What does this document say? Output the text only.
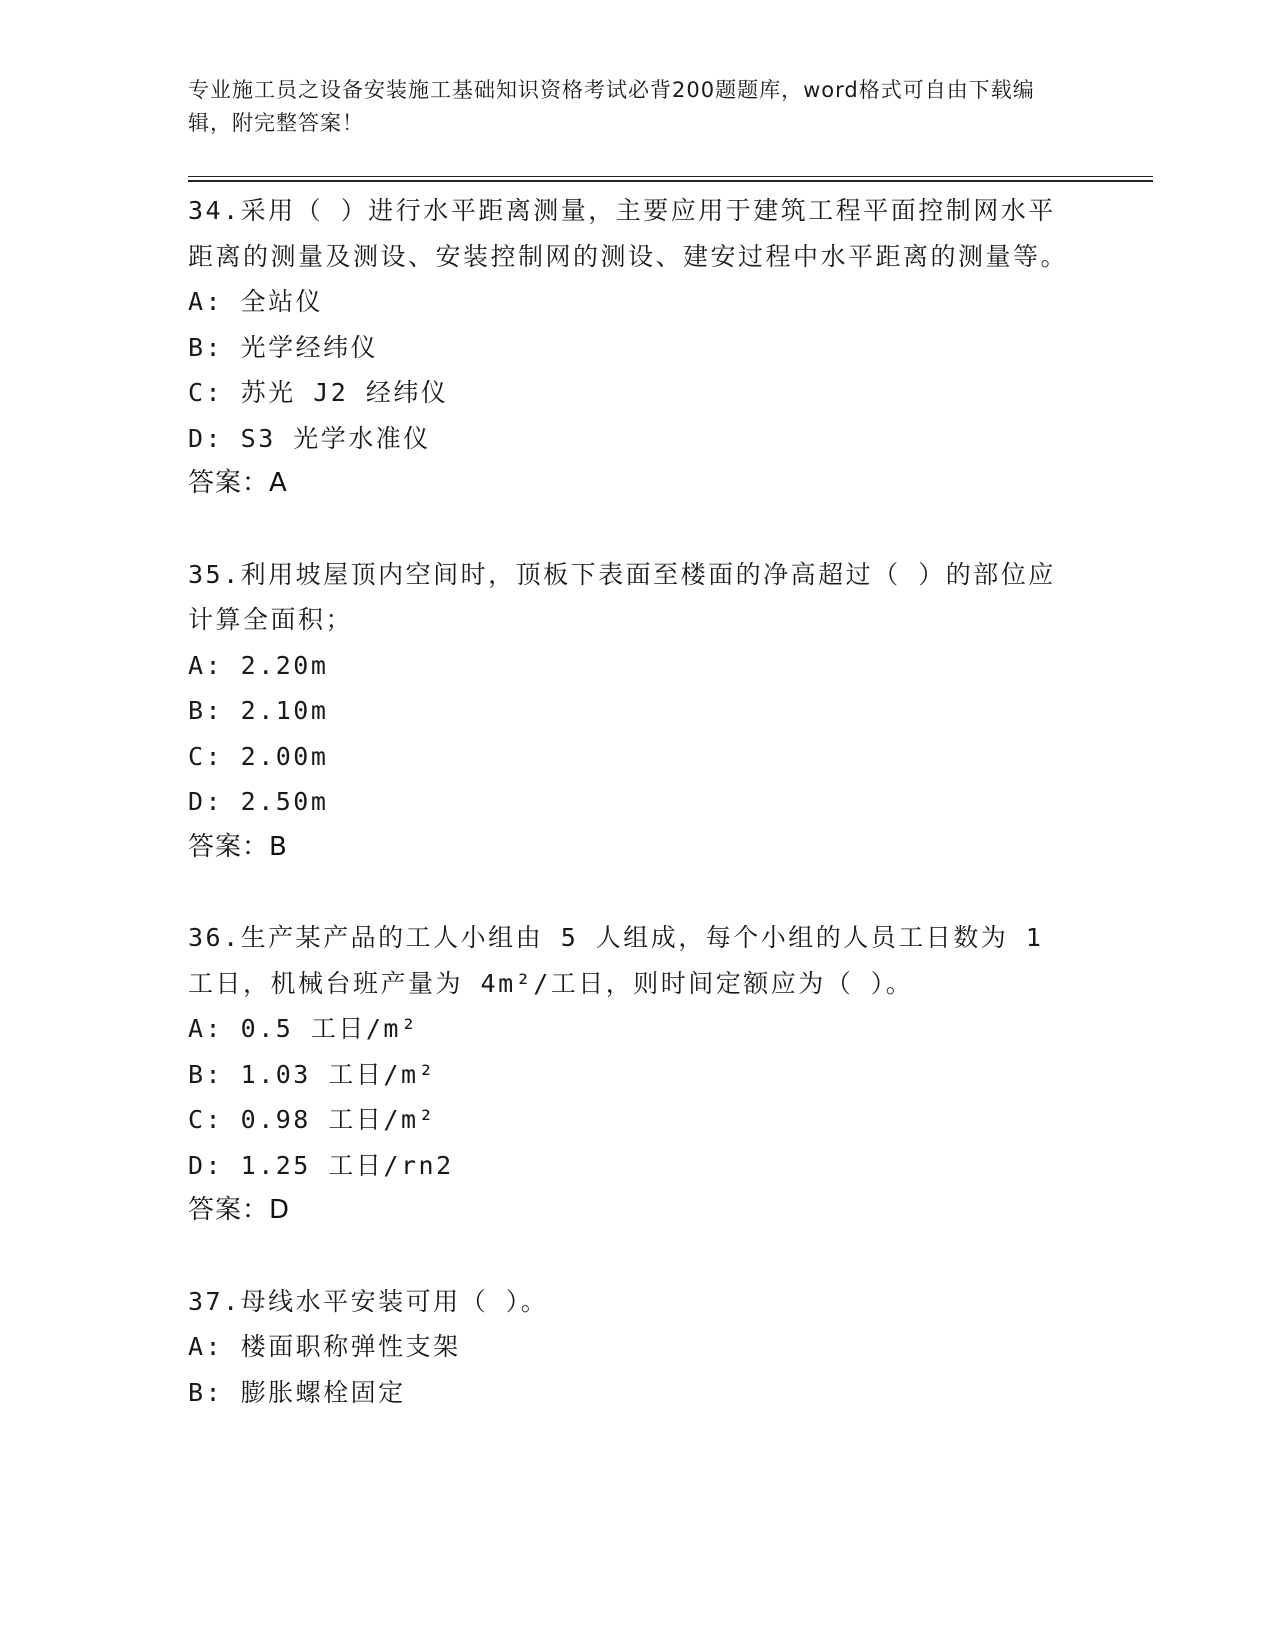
专业施工员之设备安装施工基础知识资格考试必背200题题库，word格式可自由下载编辑，附完整答案！
34.采用（ ）进行水平距离测量，主要应用于建筑工程平面控制网水平距离的测量及测设、安装控制网的测设、建安过程中水平距离的测量等。
A: 全站仪
B: 光学经纬仪
C: 苏光 J2 经纬仪
D: S3 光学水准仪
答案：A
35.利用坡屋顶内空间时，顶板下表面至楼面的净高超过（ ）的部位应计算全面积；
A: 2.20m
B: 2.10m
C: 2.00m
D: 2.50m
答案：B
36.生产某产品的工人小组由 5 人组成，每个小组的人员工日数为 1 工日，机械台班产量为 4m²/工日，则时间定额应为（ ）。
A: 0.5 工日/m²
B: 1.03 工日/m²
C: 0.98 工日/m²
D: 1.25 工日/rn2
答案：D
37.母线水平安装可用（ ）。
A: 楼面职称弹性支架
B: 膨胀螺栓固定
